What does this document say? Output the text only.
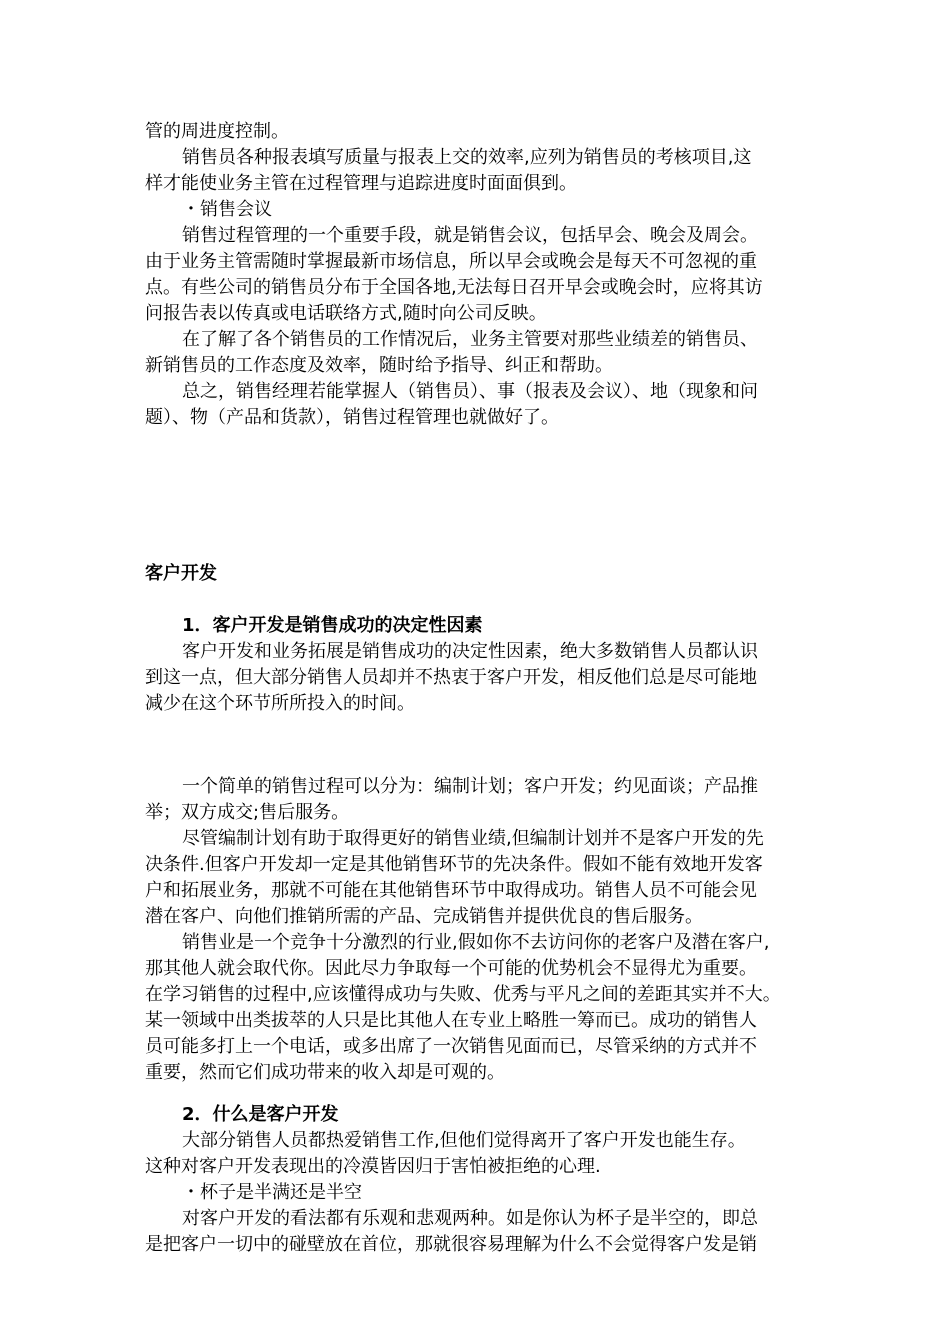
管的周进度控制。
销售员各种报表填写质量与报表上交的效率,应列为销售员的考核项目,这
样才能使业务主管在过程管理与追踪进度时面面俱到。
・销售会议
销售过程管理的一个重要手段，就是销售会议，包括早会、晚会及周会。
由于业务主管需随时掌握最新市场信息，所以早会或晚会是每天不可忽视的重
点。有些公司的销售员分布于全国各地,无法每日召开早会或晚会时，应将其访
问报告表以传真或电话联络方式,随时向公司反映。
在了解了各个销售员的工作情况后，业务主管要对那些业绩差的销售员、
新销售员的工作态度及效率，随时给予指导、纠正和帮助。
总之，销售经理若能掌握人（销售员）、事（报表及会议）、地（现象和问
题）、物（产品和货款），销售过程管理也就做好了。
客户开发
1．客户开发是销售成功的决定性因素
客户开发和业务拓展是销售成功的决定性因素，绝大多数销售人员都认识
到这一点，但大部分销售人员却并不热衷于客户开发，相反他们总是尽可能地
减少在这个环节所所投入的时间。
一个简单的销售过程可以分为：编制计划；客户开发；约见面谈；产品推
举；双方成交;售后服务。
尽管编制计划有助于取得更好的销售业绩,但编制计划并不是客户开发的先
决条件.但客户开发却一定是其他销售环节的先决条件。假如不能有效地开发客
户和拓展业务，那就不可能在其他销售环节中取得成功。销售人员不可能会见
潜在客户、向他们推销所需的产品、完成销售并提供优良的售后服务。
销售业是一个竞争十分激烈的行业,假如你不去访问你的老客户及潜在客户,
那其他人就会取代你。因此尽力争取每一个可能的优势机会不显得尤为重要。
在学习销售的过程中,应该懂得成功与失败、优秀与平凡之间的差距其实并不大。
某一领域中出类拔萃的人只是比其他人在专业上略胜一筹而已。成功的销售人
员可能多打上一个电话，或多出席了一次销售见面而已，尽管采纳的方式并不
重要，然而它们成功带来的收入却是可观的。
2．什么是客户开发
大部分销售人员都热爱销售工作,但他们觉得离开了客户开发也能生存。
这种对客户开发表现出的冷漠皆因归于害怕被拒绝的心理.
・杯子是半满还是半空
对客户开发的看法都有乐观和悲观两种。如是你认为杯子是半空的，即总
是把客户一切中的碰壁放在首位，那就很容易理解为什么不会觉得客户发是销
